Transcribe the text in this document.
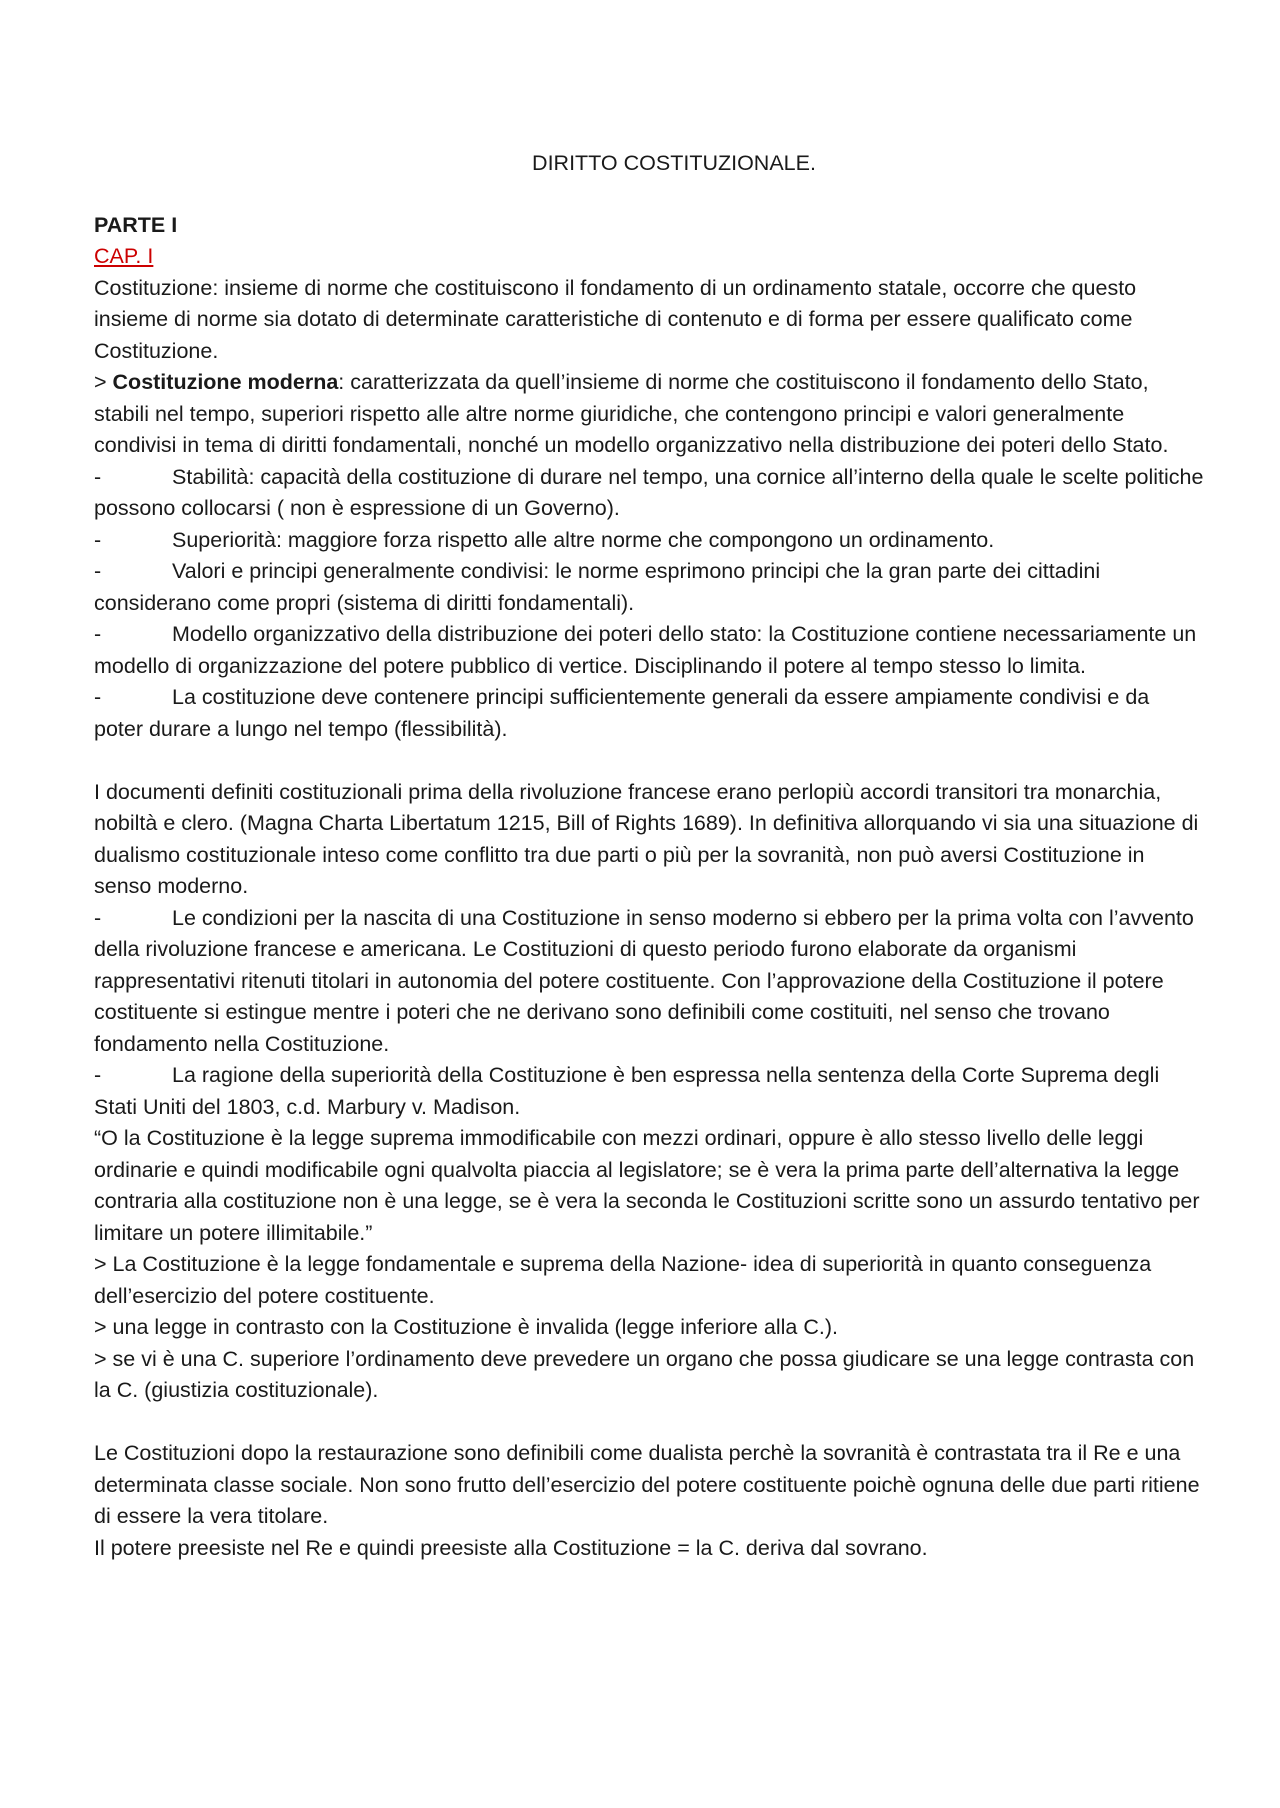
DIRITTO COSTITUZIONALE.

PARTE I

CAP. I

Costituzione: insieme di norme che costituiscono il fondamento di un ordinamento statale, occorre che questo insieme di norme sia dotato di determinate caratteristiche di contenuto e di forma per essere qualificato come Costituzione.

> Costituzione moderna: caratterizzata da quell’insieme di norme che costituiscono il fondamento dello Stato, stabili nel tempo, superiori rispetto alle altre norme giuridiche, che contengono principi e valori generalmente condivisi in tema di diritti fondamentali, nonché un modello organizzativo nella distribuzione dei poteri dello Stato.

-	Stabilità: capacità della costituzione di durare nel tempo, una cornice all’interno della quale le scelte politiche possono collocarsi ( non è espressione di un Governo).

-	Superiorità: maggiore forza rispetto alle altre norme che compongono un ordinamento.

-	Valori e principi generalmente condivisi: le norme esprimono principi che la gran parte dei cittadini considerano come propri (sistema di diritti fondamentali).

-	Modello organizzativo della distribuzione dei poteri dello stato: la Costituzione contiene necessariamente un modello di organizzazione del potere pubblico di vertice. Disciplinando il potere al tempo stesso lo limita.

-	La costituzione deve contenere principi sufficientemente generali da essere ampiamente condivisi e da poter durare a lungo nel tempo (flessibilità).

I documenti definiti costituzionali prima della rivoluzione francese erano perlopiù accordi transitori tra monarchia, nobiltà e clero. (Magna Charta Libertatum 1215, Bill of Rights 1689). In definitiva allorquando vi sia una situazione di dualismo costituzionale inteso come conflitto tra due parti o più per la sovranità, non può aversi Costituzione in senso moderno.

-	Le condizioni per la nascita di una Costituzione in senso moderno si ebbero per la prima volta con l’avvento della rivoluzione francese e americana. Le Costituzioni di questo periodo furono elaborate da organismi rappresentativi ritenuti titolari in autonomia del potere costituente. Con l’approvazione della Costituzione il potere costituente si estingue mentre i poteri che ne derivano sono definibili come costituiti, nel senso che trovano fondamento nella Costituzione.

-	La ragione della superiorità della Costituzione è ben espressa nella sentenza della Corte Suprema degli Stati Uniti del 1803, c.d. Marbury v. Madison.

“O la Costituzione è la legge suprema immodificabile con mezzi ordinari, oppure è allo stesso livello delle leggi ordinarie e quindi modificabile ogni qualvolta piaccia al legislatore; se è vera la prima parte dell’alternativa la legge contraria alla costituzione non è una legge, se è vera la seconda le Costituzioni scritte sono un assurdo tentativo per limitare un potere illimitabile.”

> La Costituzione è la legge fondamentale e suprema della Nazione- idea di superiorità in quanto conseguenza dell’esercizio del potere costituente.

> una legge in contrasto con la Costituzione è invalida (legge inferiore alla C.).

> se vi è una C. superiore l’ordinamento deve prevedere un organo che possa giudicare se una legge contrasta con la C. (giustizia costituzionale).

Le Costituzioni dopo la restaurazione sono definibili come dualista perchè la sovranità è contrastata tra il Re e una determinata classe sociale. Non sono frutto dell’esercizio del potere costituente poichè ognuna delle due parti ritiene di essere la vera titolare.

Il potere preesiste nel Re e quindi preesiste alla Costituzione = la C. deriva dal sovrano.
